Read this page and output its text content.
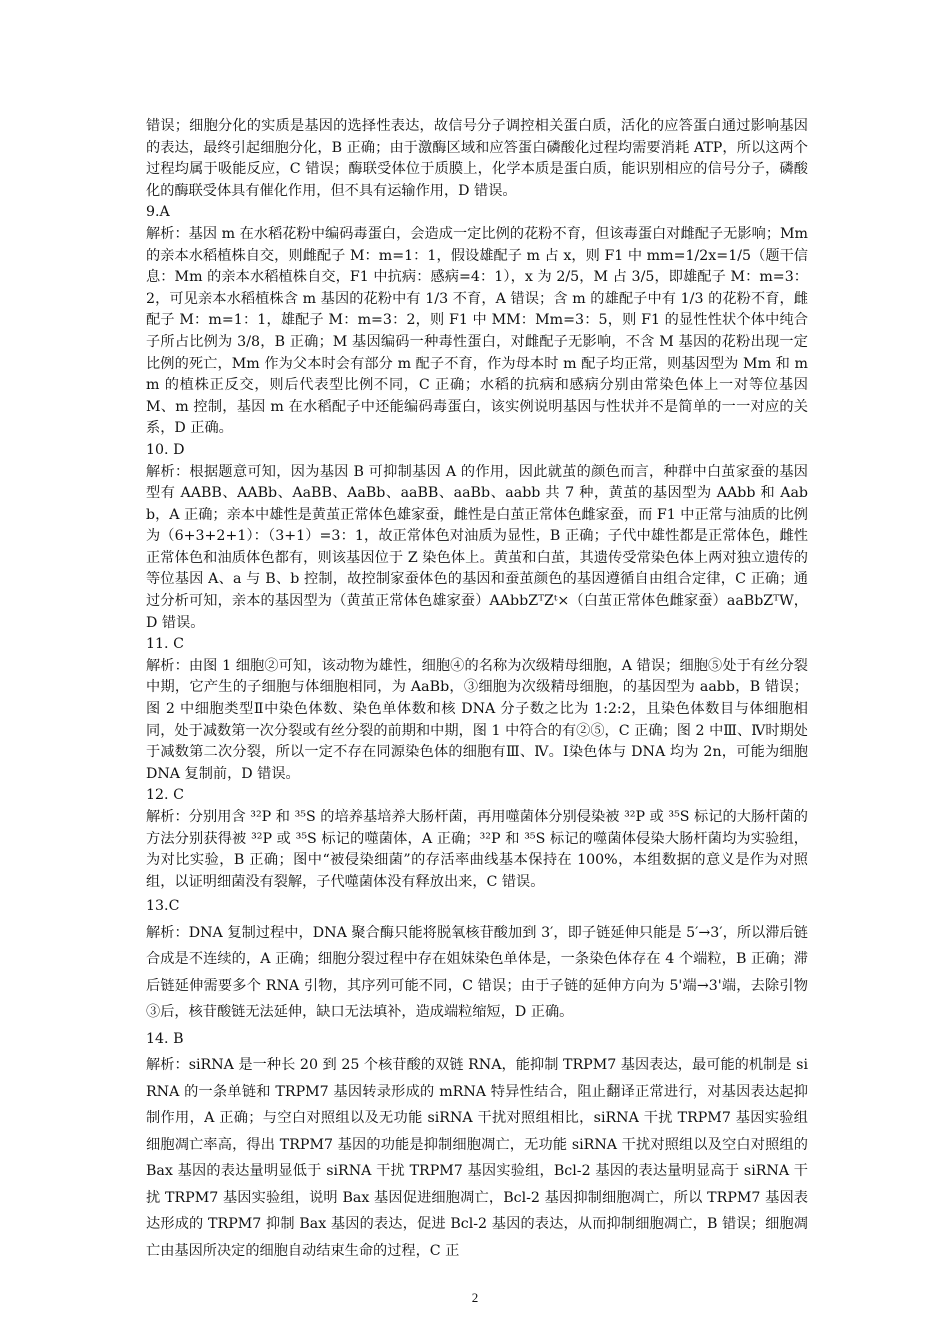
错误；细胞分化的实质是基因的选择性表达，故信号分子调控相关蛋白质，活化的应答蛋白通过影响基因的表达，最终引起细胞分化，B 正确；由于激酶区域和应答蛋白磷酸化过程均需要消耗 ATP，所以这两个过程均属于吸能反应，C 错误；酶联受体位于质膜上，化学本质是蛋白质，能识别相应的信号分子，磷酸化的酶联受体具有催化作用，但不具有运输作用，D 错误。

9.A

解析：基因 m 在水稻花粉中编码毒蛋白，会造成一定比例的花粉不育，但该毒蛋白对雌配子无影响；Mm 的亲本水稻植株自交，则雌配子 M：m=1：1，假设雄配子 m 占 x，则 F1 中 mm=1/2x=1/5（题干信息：Mm 的亲本水稻植株自交，F1 中抗病：感病=4：1），x 为 2/5，M 占 3/5，即雄配子 M：m=3：2，可见亲本水稻植株含 m 基因的花粉中有 1/3 不育，A 错误；含 m 的雄配子中有 1/3 的花粉不育，雌配子 M：m=1：1，雄配子 M：m=3：2，则 F1 中 MM：Mm=3：5，则 F1 的显性性状个体中纯合子所占比例为 3/8，B 正确；M 基因编码一种毒性蛋白，对雌配子无影响，不含 M 基因的花粉出现一定比例的死亡，Mm 作为父本时会有部分 m 配子不育，作为母本时 m 配子均正常，则基因型为 Mm 和 mm 的植株正反交，则后代表型比例不同，C 正确；水稻的抗病和感病分别由常染色体上一对等位基因 M、m 控制，基因 m 在水稻配子中还能编码毒蛋白，该实例说明基因与性状并不是简单的一一对应的关系，D 正确。

10. D

解析：根据题意可知，因为基因 B 可抑制基因 A 的作用，因此就茧的颜色而言，种群中白茧家蚕的基因型有 AABB、AABb、AaBB、AaBb、aaBB、aaBb、aabb 共 7 种，黄茧的基因型为 AAbb 和 Aabb，A 正确；亲本中雄性是黄茧正常体色雄家蚕，雌性是白茧正常体色雌家蚕，而 F1 中正常与油质的比例为（6+3+2+1）：（3+1）=3：1，故正常体色对油质为显性，B 正确；子代中雄性都是正常体色，雌性正常体色和油质体色都有，则该基因位于 Z 染色体上。黄茧和白茧，其遗传受常染色体上两对独立遗传的等位基因 A、a 与 B、b 控制，故控制家蚕体色的基因和蚕茧颜色的基因遵循自由组合定律，C 正确；通过分析可知，亲本的基因型为（黄茧正常体色雄家蚕）AAbbZᵀZᵗ×（白茧正常体色雌家蚕）aaBbZᵀW，D 错误。

11. C

解析：由图 1 细胞②可知，该动物为雄性，细胞④的名称为次级精母细胞，A 错误；细胞⑤处于有丝分裂中期，它产生的子细胞与体细胞相同，为 AaBb，③细胞为次级精母细胞，的基因型为 aabb，B 错误；图 2 中细胞类型Ⅱ中染色体数、染色单体数和核 DNA 分子数之比为 1:2:2，且染色体数目与体细胞相同，处于减数第一次分裂或有丝分裂的前期和中期，图 1 中符合的有②⑤，C 正确；图 2 中Ⅲ、Ⅳ时期处于减数第二次分裂，所以一定不存在同源染色体的细胞有Ⅲ、Ⅳ。Ⅰ染色体与 DNA 均为 2n，可能为细胞 DNA 复制前，D 错误。

12. C

解析：分别用含 ³²P 和 ³⁵S 的培养基培养大肠杆菌，再用噬菌体分别侵染被 ³²P 或 ³⁵S 标记的大肠杆菌的方法分别获得被 ³²P 或 ³⁵S 标记的噬菌体，A 正确；³²P 和 ³⁵S 标记的噬菌体侵染大肠杆菌均为实验组，为对比实验，B 正确；图中“被侵染细菌”的存活率曲线基本保持在 100%，本组数据的意义是作为对照组，以证明细菌没有裂解，子代噬菌体没有释放出来，C 错误。

13.C

解析：DNA 复制过程中，DNA 聚合酶只能将脱氧核苷酸加到 3′，即子链延伸只能是 5′→3′，所以滞后链合成是不连续的，A 正确；细胞分裂过程中存在姐妹染色单体是，一条染色体存在 4 个端粒，B 正确；滞后链延伸需要多个 RNA 引物，其序列可能不同，C 错误；由于子链的延伸方向为 5'端→3'端，去除引物③后，核苷酸链无法延伸，缺口无法填补，造成端粒缩短，D 正确。

14. B

解析：siRNA 是一种长 20 到 25 个核苷酸的双链 RNA，能抑制 TRPM7 基因表达，最可能的机制是 siRNA 的一条单链和 TRPM7 基因转录形成的 mRNA 特异性结合，阻止翻译正常进行，对基因表达起抑制作用，A 正确；与空白对照组以及无功能 siRNA 干扰对照组相比，siRNA 干扰 TRPM7 基因实验组细胞凋亡率高，得出 TRPM7 基因的功能是抑制细胞凋亡，无功能 siRNA 干扰对照组以及空白对照组的 Bax 基因的表达量明显低于 siRNA 干扰 TRPM7 基因实验组，Bcl-2 基因的表达量明显高于 siRNA 干扰 TRPM7 基因实验组，说明 Bax 基因促进细胞凋亡，Bcl-2 基因抑制细胞凋亡，所以 TRPM7 基因表达形成的 TRPM7 抑制 Bax 基因的表达，促进 Bcl-2 基因的表达，从而抑制细胞凋亡，B 错误；细胞凋亡由基因所决定的细胞自动结束生命的过程，C 正

2
